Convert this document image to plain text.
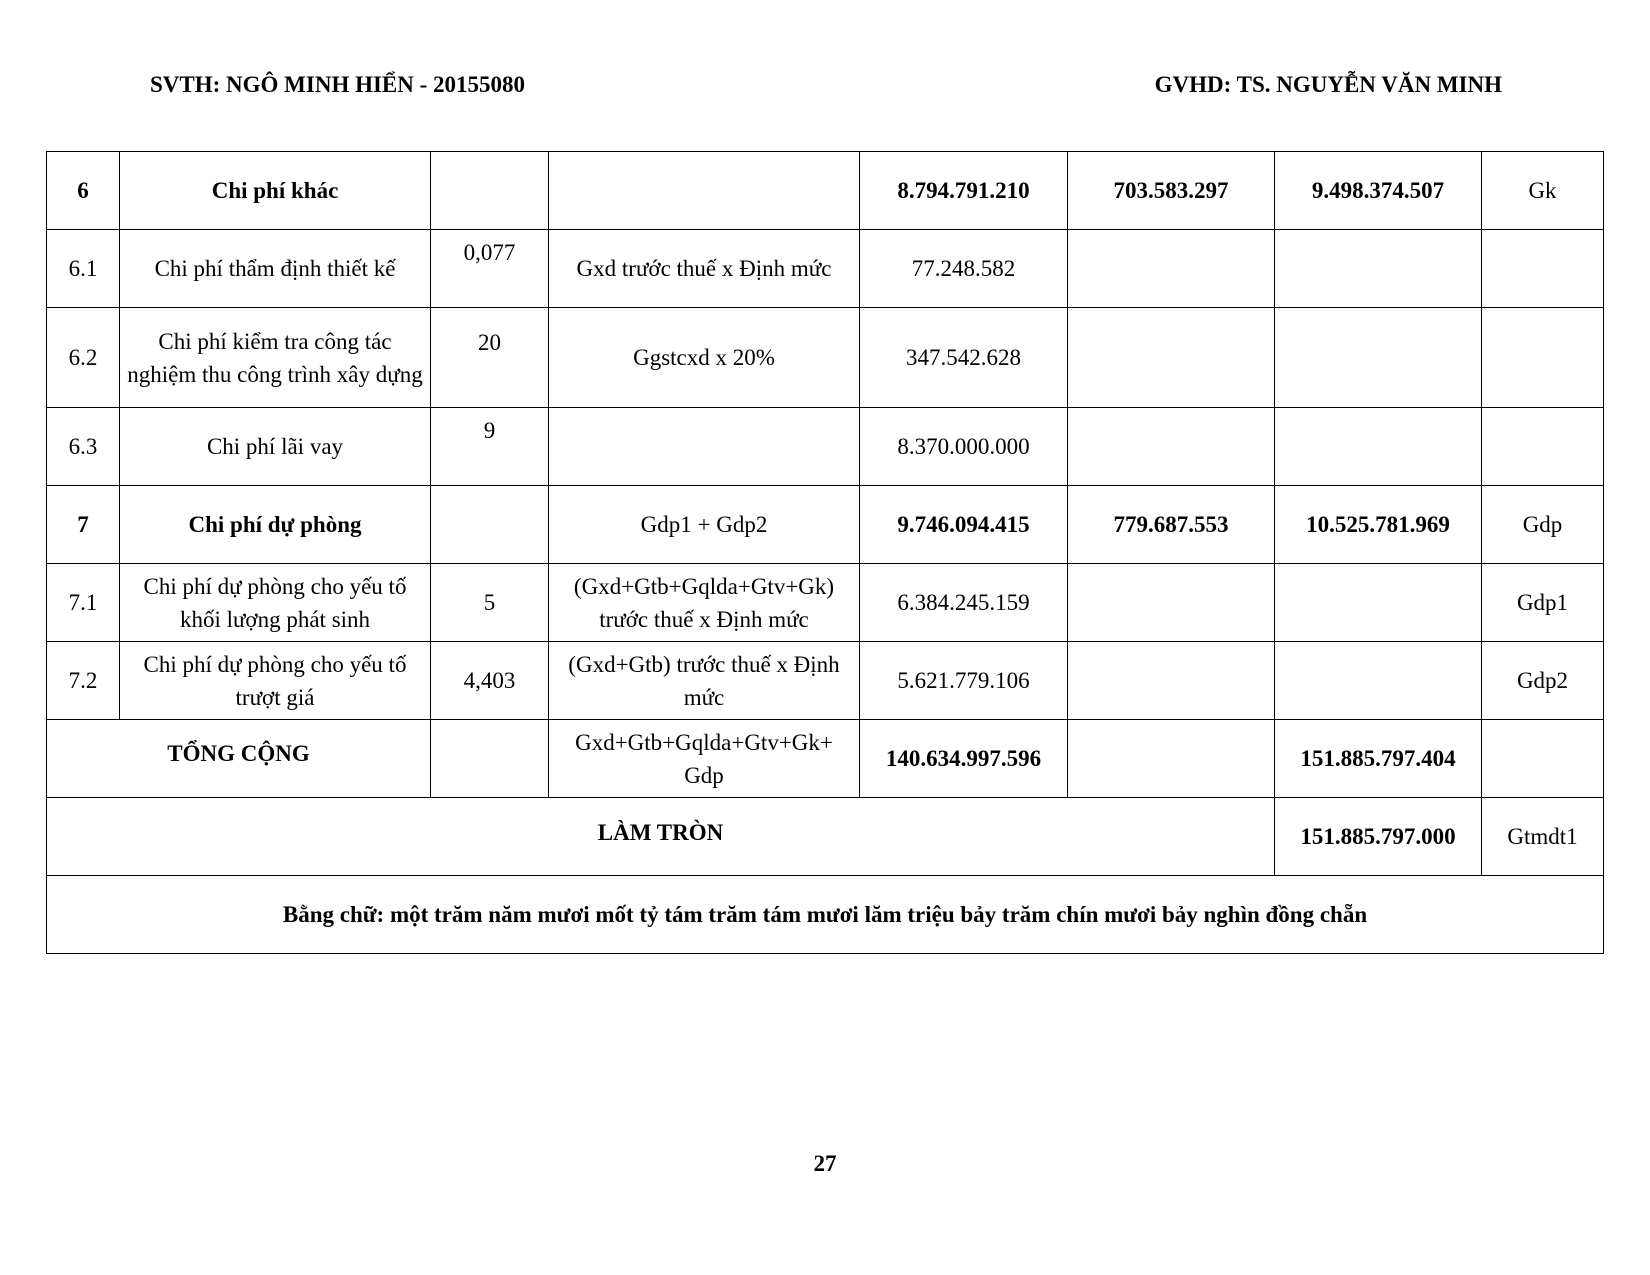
SVTH: NGÔ MINH HIỂN - 20155080	GVHD: TS. NGUYỄN VĂN MINH
6	Chi phí khác			8.794.791.210	703.583.297	9.498.374.507	Gk
6.1	Chi phí thẩm định thiết kế	0,077	Gxd trước thuế x Định mức	77.248.582			
6.2	Chi phí kiểm tra công tác nghiệm thu công trình xây dựng	20	Ggstcxd x 20%	347.542.628			
6.3	Chi phí lãi vay	9		8.370.000.000			
7	Chi phí dự phòng		Gdp1 + Gdp2	9.746.094.415	779.687.553	10.525.781.969	Gdp
7.1	Chi phí dự phòng cho yếu tố khối lượng phát sinh	5	(Gxd+Gtb+Gqlda+Gtv+Gk) trước thuế x Định mức	6.384.245.159			Gdp1
7.2	Chi phí dự phòng cho yếu tố trượt giá	4,403	(Gxd+Gtb) trước thuế x Định mức	5.621.779.106			Gdp2
TỔNG CỘNG			Gxd+Gtb+Gqlda+Gtv+Gk+ Gdp	140.634.997.596		151.885.797.404	
LÀM TRÒN						151.885.797.000	Gtmdt1
Bằng chữ: một trăm năm mươi mốt tỷ tám trăm tám mươi lăm triệu bảy trăm chín mươi bảy nghìn đồng chẵn							
27
